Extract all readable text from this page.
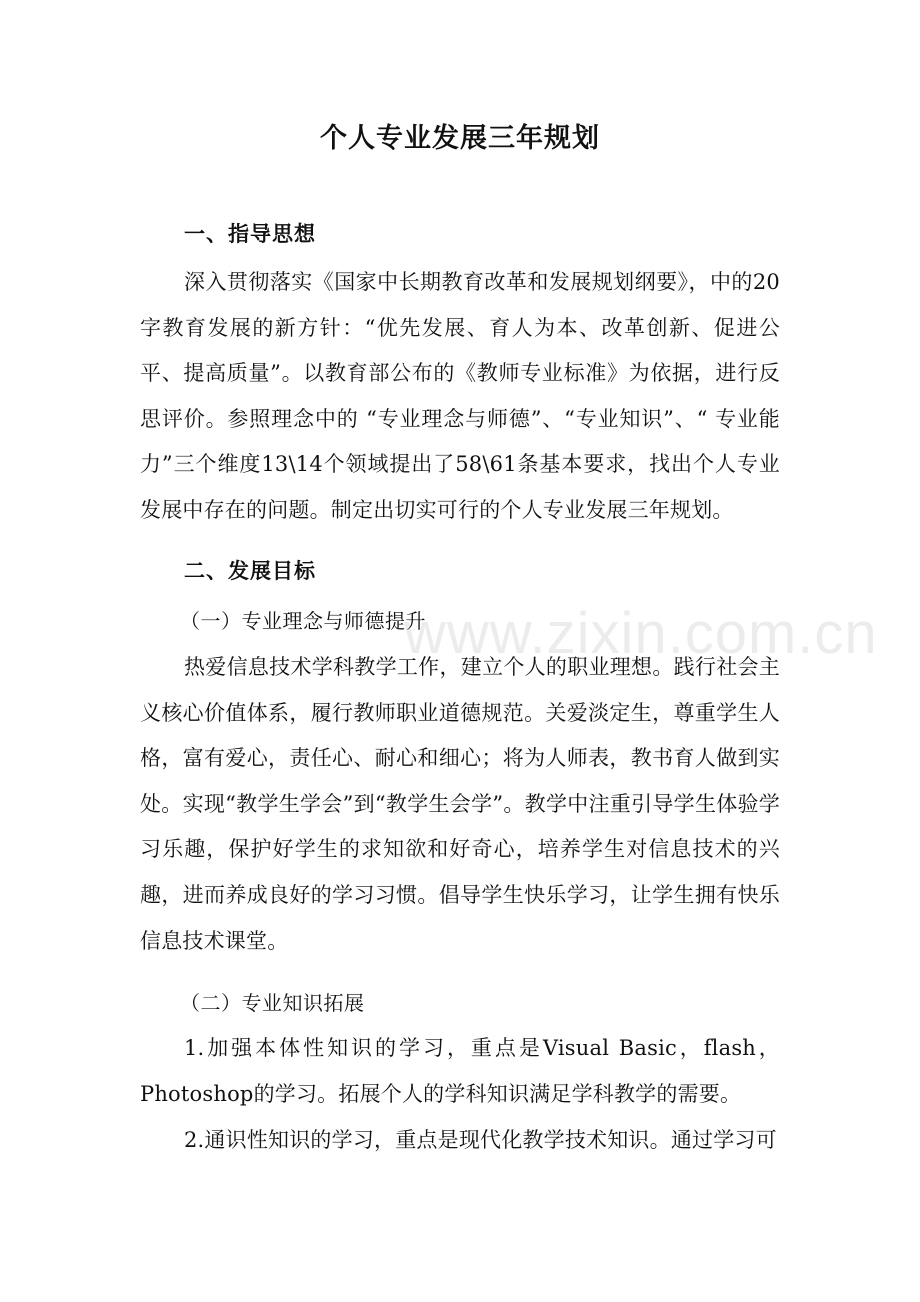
个人专业发展三年规划
一、指导思想

深入贯彻落实《国家中长期教育改革和发展规划纲要》，中的20字教育发展的新方针：“优先发展、育人为本、改革创新、促进公平、提高质量”。以教育部公布的《教师专业标准》为依据，进行反思评价。参照理念中的 “专业理念与师德”、“专业知识”、“ 专业能力”三个维度13\14个领域提出了58\61条基本要求，找出个人专业发展中存在的问题。制定出切实可行的个人专业发展三年规划。

二、发展目标

（一）专业理念与师德提升

热爱信息技术学科教学工作，建立个人的职业理想。践行社会主义核心价值体系，履行教师职业道德规范。关爱淡定生，尊重学生人格，富有爱心，责任心、耐心和细心；将为人师表，教书育人做到实处。实现“教学生学会”到“教学生会学”。教学中注重引导学生体验学习乐趣，保护好学生的求知欲和好奇心，培养学生对信息技术的兴趣，进而养成良好的学习习惯。倡导学生快乐学习，让学生拥有快乐信息技术课堂。

（二）专业知识拓展

1.加强本体性知识的学习，重点是Visual Basic，flash，Photoshop的学习。拓展个人的学科知识满足学科教学的需要。

2.通识性知识的学习，重点是现代化教学技术知识。通过学习可

www.zixin.com.cn
